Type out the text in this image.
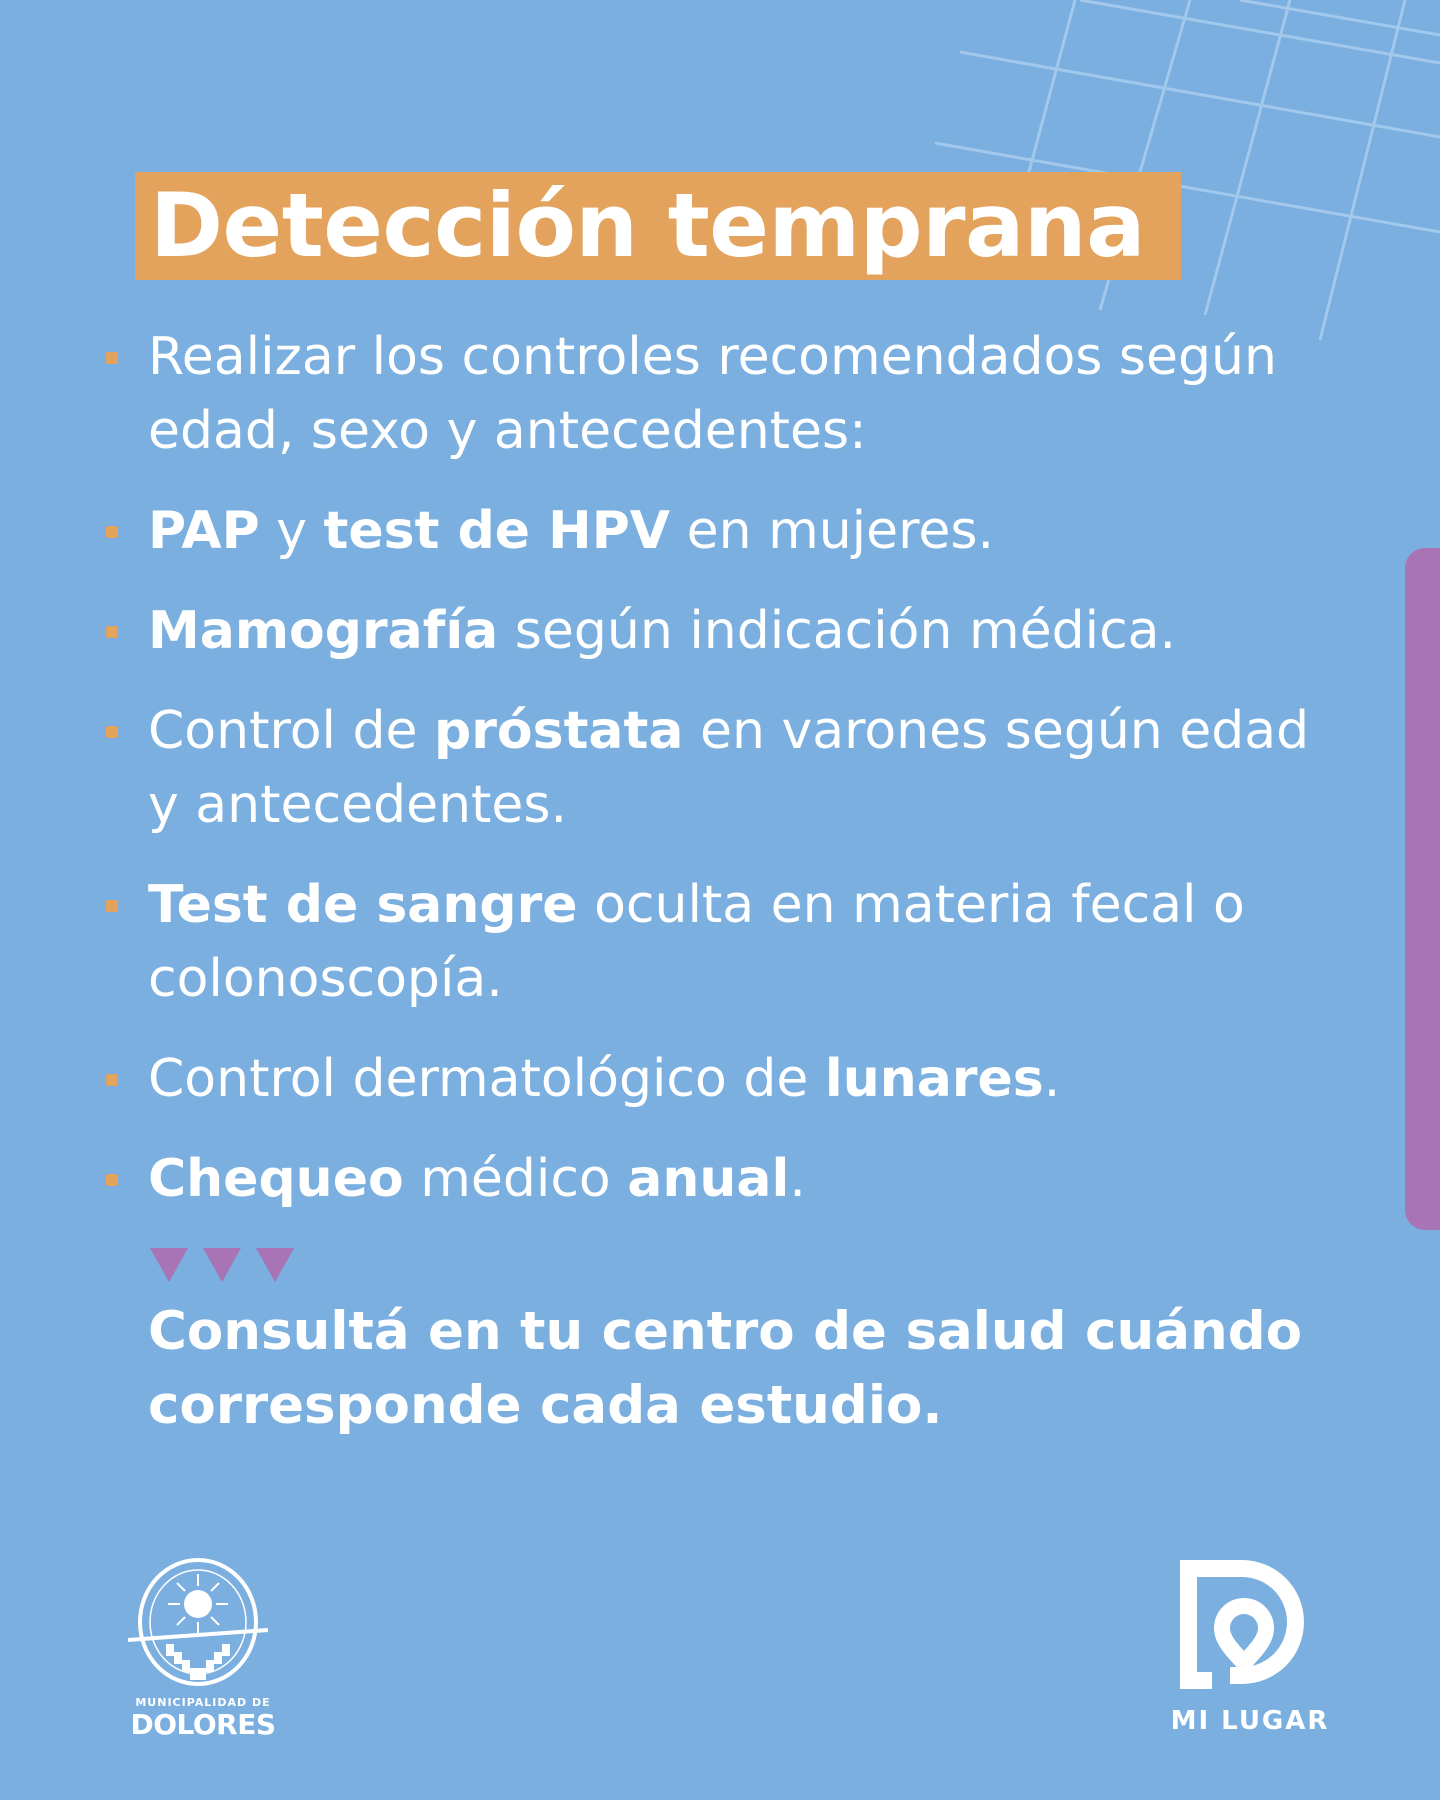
Detección temprana
Realizar los controles recomendados según edad, sexo y antecedentes:
PAP y test de HPV en mujeres.
Mamografía según indicación médica.
Control de próstata en varones según edad y antecedentes.
Test de sangre oculta en materia fecal o colonoscopía.
Control dermatológico de lunares.
Chequeo médico anual.
Consultá en tu centro de salud cuándo corresponde cada estudio.
MUNICIPALIDAD DE
DOLORES	MI LUGAR
